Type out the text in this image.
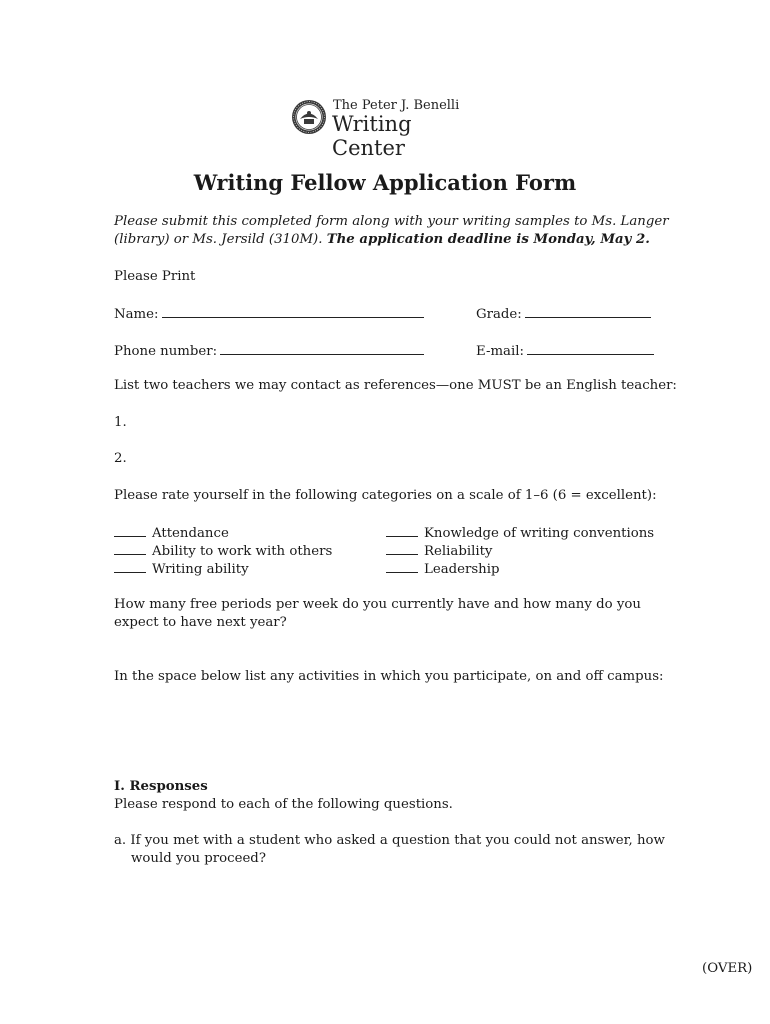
The Peter J. Benelli
Writing Center
Writing Fellow Application Form
Please submit this completed form along with your writing samples to Ms. Langer
(library) or Ms. Jersild (310M). The application deadline is Monday, May 2.
Please Print
Name:	Grade:
Phone number:	E-mail:
List two teachers we may contact as references—one MUST be an English teacher:
1.
2.
Please rate yourself in the following categories on a scale of 1–6 (6 = excellent):
Attendance
Ability to work with others
Writing ability
Knowledge of writing conventions
Reliability
Leadership
How many free periods per week do you currently have and how many do you
expect to have next year?
In the space below list any activities in which you participate, on and off campus:
I. Responses
Please respond to each of the following questions.
a. If you met with a student who asked a question that you could not answer, how
would you proceed?
(OVER)
